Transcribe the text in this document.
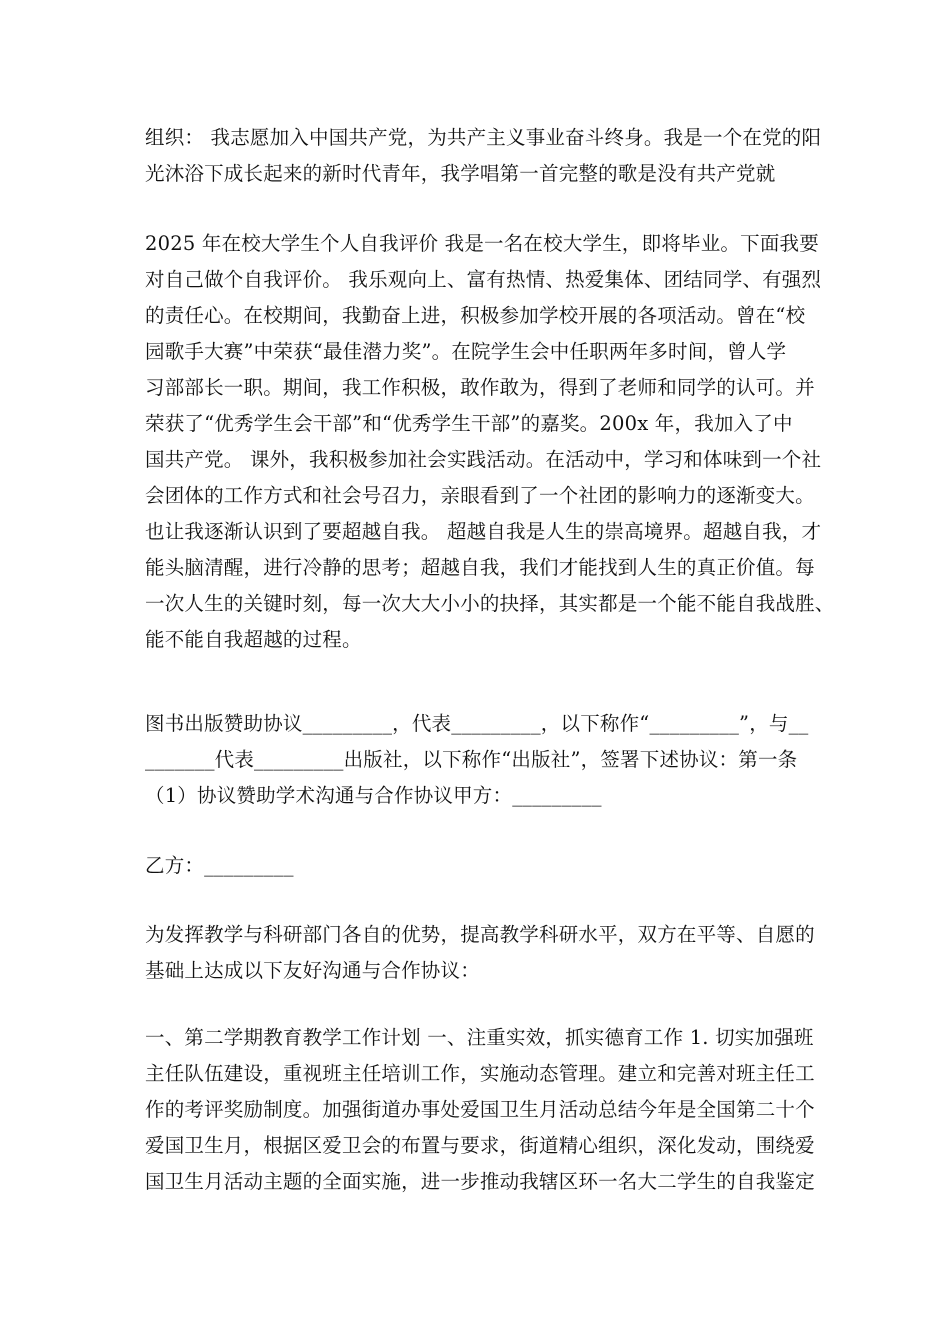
组织： 我志愿加入中国共产党，为共产主义事业奋斗终身。我是一个在党的阳
光沐浴下成长起来的新时代青年，我学唱第一首完整的歌是没有共产党就
2025 年在校大学生个人自我评价 我是一名在校大学生，即将毕业。下面我要
对自己做个自我评价。 我乐观向上、富有热情、热爱集体、团结同学、有强烈
的责任心。在校期间，我勤奋上进，积极参加学校开展的各项活动。曾在“校
园歌手大赛”中荣获“最佳潜力奖”。在院学生会中任职两年多时间，曾人学
习部部长一职。期间，我工作积极，敢作敢为，得到了老师和同学的认可。并
荣获了“优秀学生会干部”和“优秀学生干部”的嘉奖。200x 年，我加入了中
国共产党。 课外，我积极参加社会实践活动。在活动中，学习和体味到一个社
会团体的工作方式和社会号召力，亲眼看到了一个社团的影响力的逐渐变大。
也让我逐渐认识到了要超越自我。 超越自我是人生的崇高境界。超越自我，才
能头脑清醒，进行冷静的思考；超越自我，我们才能找到人生的真正价值。每
一次人生的关键时刻，每一次大大小小的抉择，其实都是一个能不能自我战胜、
能不能自我超越的过程。
图书出版赞助协议_________，代表_________，以下称作“_________”，与__
_______代表_________出版社，以下称作“出版社”，签署下述协议：第一条
（1）协议赞助学术沟通与合作协议甲方：_________
乙方：_________
为发挥教学与科研部门各自的优势，提高教学科研水平，双方在平等、自愿的
基础上达成以下友好沟通与合作协议：
一、第二学期教育教学工作计划 一、注重实效，抓实德育工作 1. 切实加强班
主任队伍建设，重视班主任培训工作，实施动态管理。建立和完善对班主任工
作的考评奖励制度。加强街道办事处爱国卫生月活动总结今年是全国第二十个
爱国卫生月，根据区爱卫会的布置与要求，街道精心组织，深化发动，围绕爱
国卫生月活动主题的全面实施，进一步推动我辖区环一名大二学生的自我鉴定
